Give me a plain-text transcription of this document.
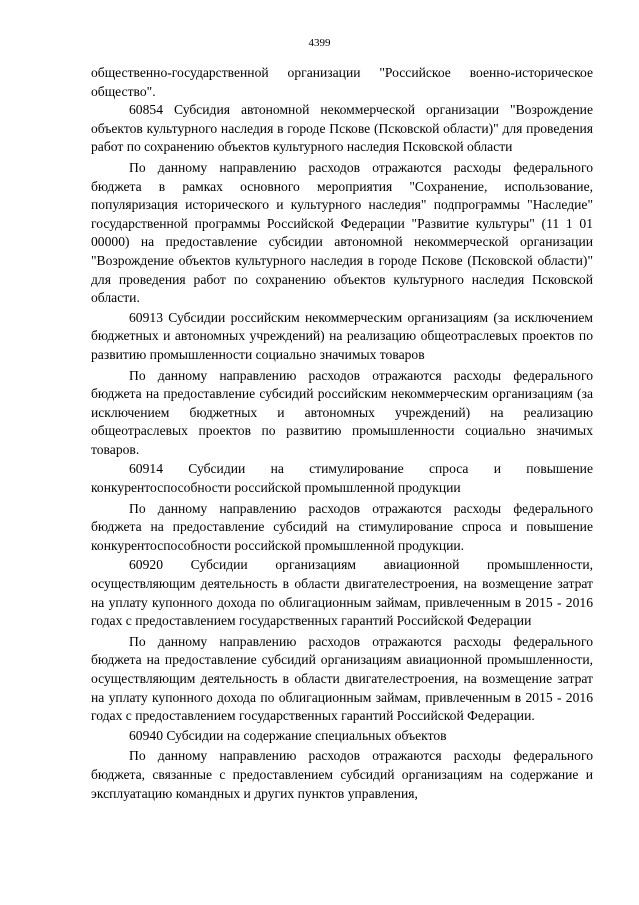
4399

общественно-государственной организации "Российское военно-историческое общество".

60854 Субсидия автономной некоммерческой организации "Возрождение объектов культурного наследия в городе Пскове (Псковской области)" для проведения работ по сохранению объектов культурного наследия Псковской области

По данному направлению расходов отражаются расходы федерального бюджета в рамках основного мероприятия "Сохранение, использование, популяризация исторического и культурного наследия" подпрограммы "Наследие" государственной программы Российской Федерации "Развитие культуры" (11 1 01 00000) на предоставление субсидии автономной некоммерческой организации "Возрождение объектов культурного наследия в городе Пскове (Псковской области)" для проведения работ по сохранению объектов культурного наследия Псковской области.

60913 Субсидии российским некоммерческим организациям (за исключением бюджетных и автономных учреждений) на реализацию общеотраслевых проектов по развитию промышленности социально значимых товаров

По данному направлению расходов отражаются расходы федерального бюджета на предоставление субсидий российским некоммерческим организациям (за исключением бюджетных и автономных учреждений) на реализацию общеотраслевых проектов по развитию промышленности социально значимых товаров.

60914 Субсидии на стимулирование спроса и повышение конкурентоспособности российской промышленной продукции

По данному направлению расходов отражаются расходы федерального бюджета на предоставление субсидий на стимулирование спроса и повышение конкурентоспособности российской промышленной продукции.

60920 Субсидии организациям авиационной промышленности, осуществляющим деятельность в области двигателестроения, на возмещение затрат на уплату купонного дохода по облигационным займам, привлеченным в 2015 - 2016 годах с предоставлением государственных гарантий Российской Федерации

По данному направлению расходов отражаются расходы федерального бюджета на предоставление субсидий организациям авиационной промышленности, осуществляющим деятельность в области двигателестроения, на возмещение затрат на уплату купонного дохода по облигационным займам, привлеченным в 2015 - 2016 годах с предоставлением государственных гарантий Российской Федерации.

60940 Субсидии на содержание специальных объектов

По данному направлению расходов отражаются расходы федерального бюджета, связанные с предоставлением субсидий организациям на содержание и эксплуатацию командных и других пунктов управления,
